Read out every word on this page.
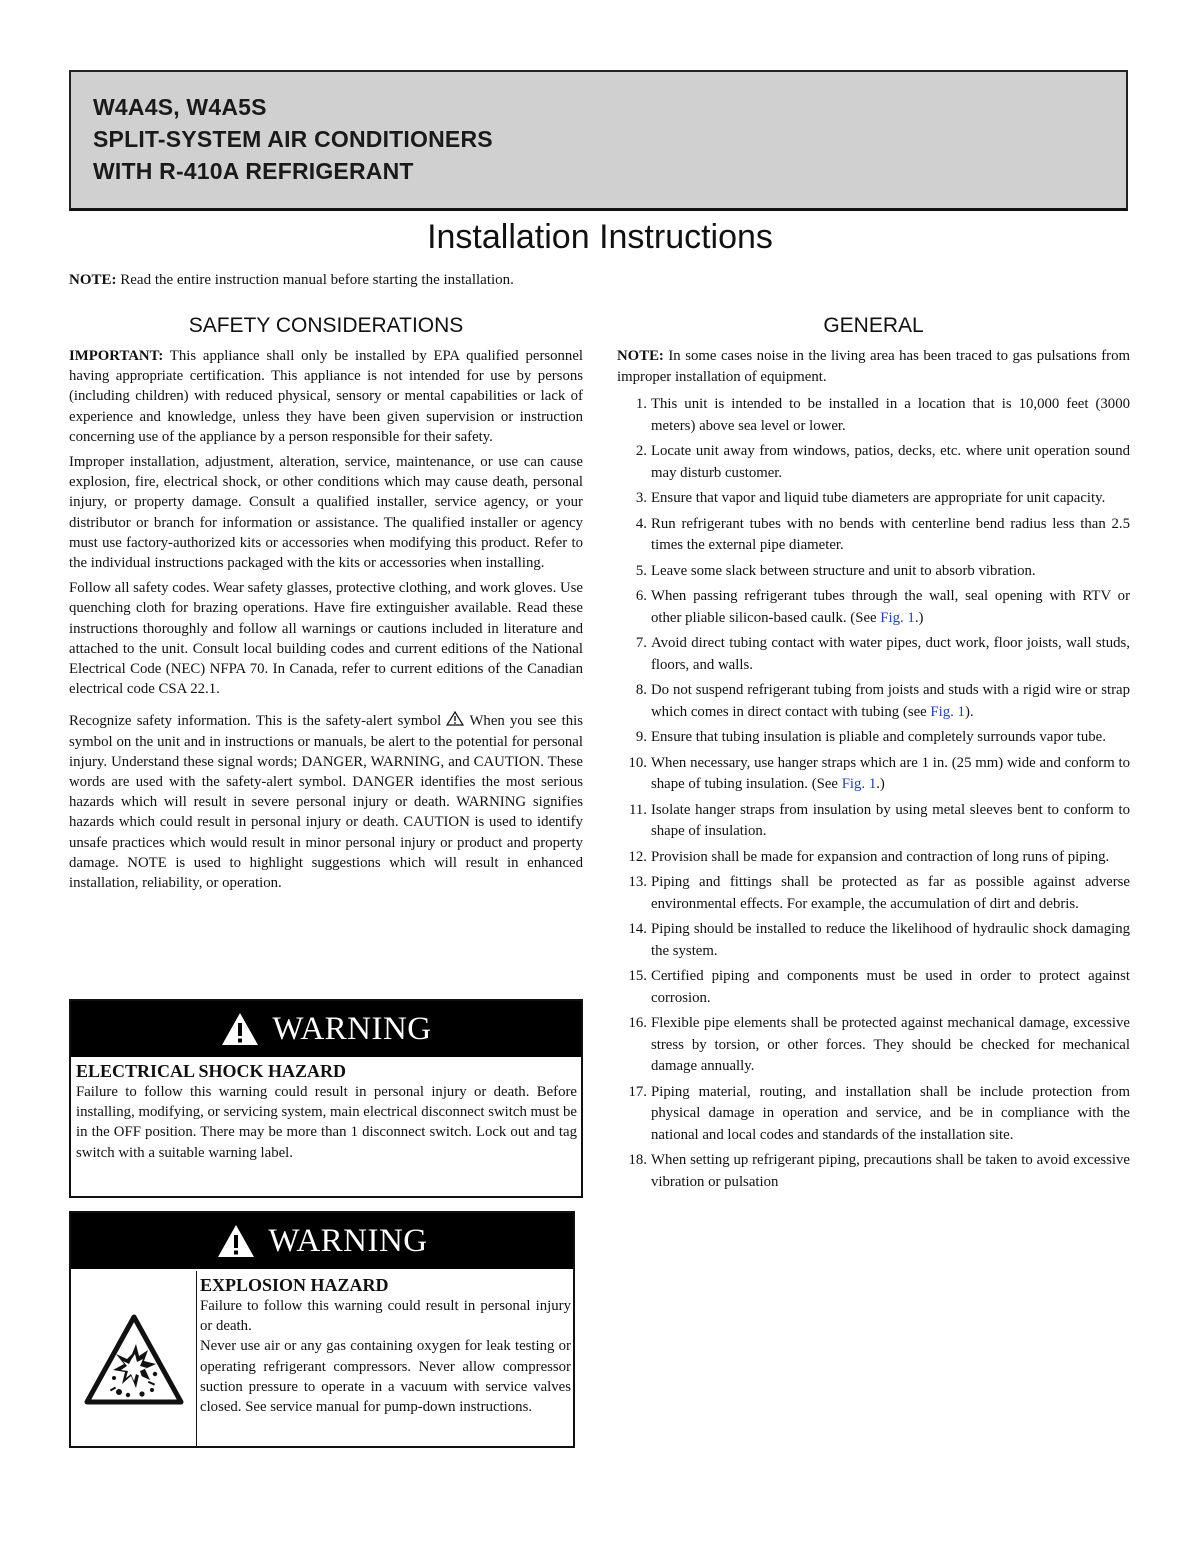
W4A4S, W4A5S
SPLIT-SYSTEM AIR CONDITIONERS
WITH R-410A REFRIGERANT
Installation Instructions
NOTE: Read the entire instruction manual before starting the installation.
SAFETY CONSIDERATIONS

IMPORTANT: This appliance shall only be installed by EPA qualified personnel having appropriate certification. This appliance is not intended for use by persons (including children) with reduced physical, sensory or mental capabilities or lack of experience and knowledge, unless they have been given supervision or instruction concerning use of the appliance by a person responsible for their safety.

Improper installation, adjustment, alteration, service, maintenance, or use can cause explosion, fire, electrical shock, or other conditions which may cause death, personal injury, or property damage. Consult a qualified installer, service agency, or your distributor or branch for information or assistance. The qualified installer or agency must use factory-authorized kits or accessories when modifying this product. Refer to the individual instructions packaged with the kits or accessories when installing.

Follow all safety codes. Wear safety glasses, protective clothing, and work gloves. Use quenching cloth for brazing operations. Have fire extinguisher available. Read these instructions thoroughly and follow all warnings or cautions included in literature and attached to the unit. Consult local building codes and current editions of the National Electrical Code (NEC) NFPA 70. In Canada, refer to current editions of the Canadian electrical code CSA 22.1.

Recognize safety information. This is the safety-alert symbol  When you see this symbol on the unit and in instructions or manuals, be alert to the potential for personal injury. Understand these signal words; DANGER, WARNING, and CAUTION. These words are used with the safety-alert symbol. DANGER identifies the most serious hazards which will result in severe personal injury or death. WARNING signifies hazards which could result in personal injury or death. CAUTION is used to identify unsafe practices which would result in minor personal injury or product and property damage. NOTE is used to highlight suggestions which will result in enhanced installation, reliability, or operation.

WARNING
ELECTRICAL SHOCK HAZARD
Failure to follow this warning could result in personal injury or death. Before installing, modifying, or servicing system, main electrical disconnect switch must be in the OFF position. There may be more than 1 disconnect switch. Lock out and tag switch with a suitable warning label.
WARNING
EXPLOSION HAZARD
Failure to follow this warning could result in personal injury or death.
Never use air or any gas containing oxygen for leak testing or operating refrigerant compressors. Never allow compressor suction pressure to operate in a vacuum with service valves closed. See service manual for pump-down instructions.
GENERAL
NOTE: In some cases noise in the living area has been traced to gas pulsations from improper installation of equipment.
1. This unit is intended to be installed in a location that is 10,000 feet (3000 meters) above sea level or lower.
2. Locate unit away from windows, patios, decks, etc. where unit operation sound may disturb customer.
3. Ensure that vapor and liquid tube diameters are appropriate for unit capacity.
4. Run refrigerant tubes with no bends with centerline bend radius less than 2.5 times the external pipe diameter.
5. Leave some slack between structure and unit to absorb vibration.
6. When passing refrigerant tubes through the wall, seal opening with RTV or other pliable silicon-based caulk. (See Fig. 1.)
7. Avoid direct tubing contact with water pipes, duct work, floor joists, wall studs, floors, and walls.
8. Do not suspend refrigerant tubing from joists and studs with a rigid wire or strap which comes in direct contact with tubing (see Fig. 1).
9. Ensure that tubing insulation is pliable and completely surrounds vapor tube.
10. When necessary, use hanger straps which are 1 in. (25 mm) wide and conform to shape of tubing insulation. (See Fig. 1.)
11. Isolate hanger straps from insulation by using metal sleeves bent to conform to shape of insulation.
12. Provision shall be made for expansion and contraction of long runs of piping.
13. Piping and fittings shall be protected as far as possible against adverse environmental effects. For example, the accumulation of dirt and debris.
14. Piping should be installed to reduce the likelihood of hydraulic shock damaging the system.
15. Certified piping and components must be used in order to protect against corrosion.
16. Flexible pipe elements shall be protected against mechanical damage, excessive stress by torsion, or other forces. They should be checked for mechanical damage annually.
17. Piping material, routing, and installation shall be include protection from physical damage in operation and service, and be in compliance with the national and local codes and standards of the installation site.
18. When setting up refrigerant piping, precautions shall be taken to avoid excessive vibration or pulsation
